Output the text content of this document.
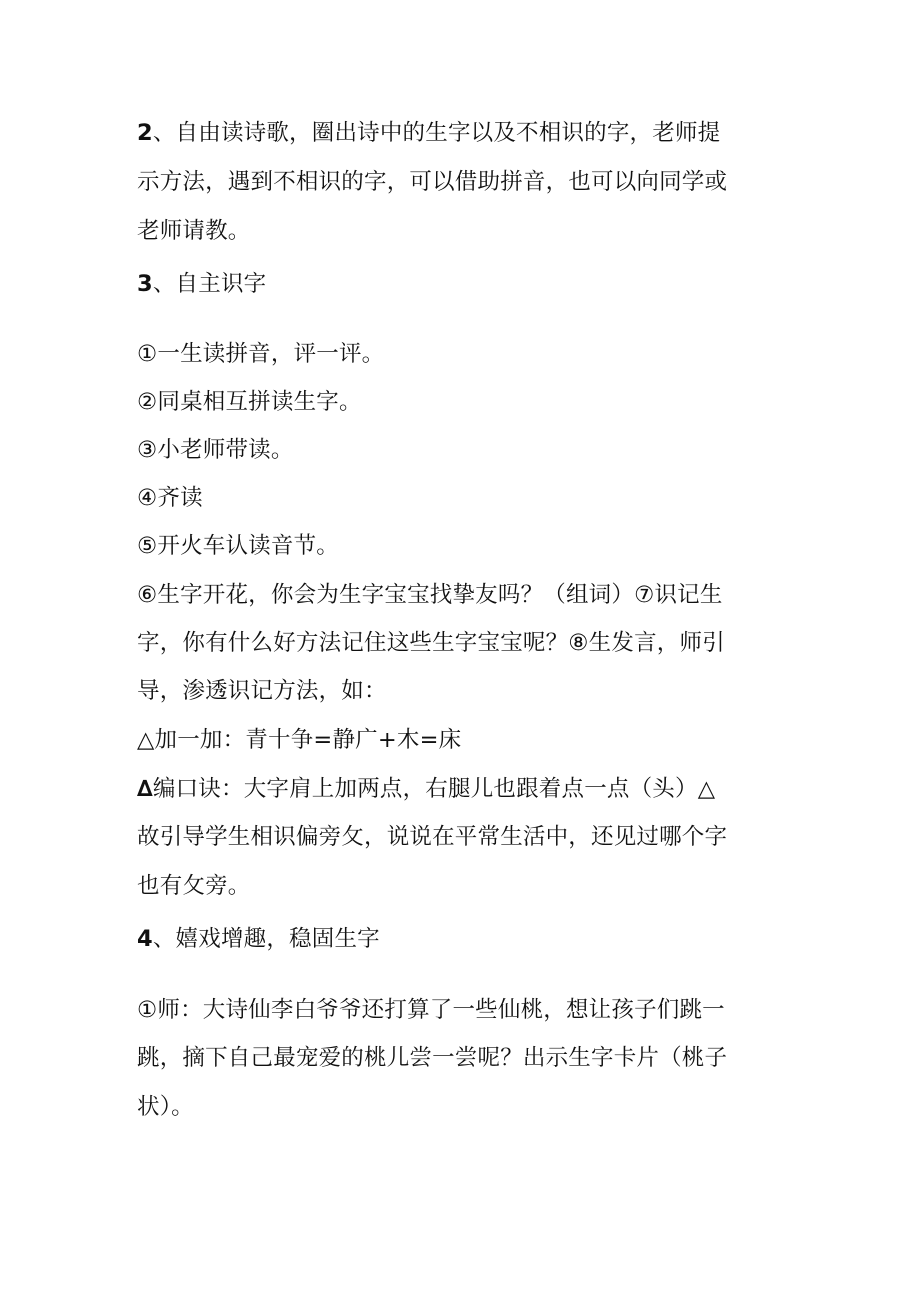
2、自由读诗歌，圈出诗中的生字以及不相识的字，老师提
示方法，遇到不相识的字，可以借助拼音，也可以向同学或
老师请教。
3、自主识字
①一生读拼音，评一评。
②同桌相互拼读生字。
③小老师带读。
④齐读
⑤开火车认读音节。
⑥生字开花，你会为生字宝宝找挚友吗？（组词）⑦识记生
字，你有什么好方法记住这些生字宝宝呢？⑧生发言，师引
导，渗透识记方法，如：
△加一加：青十争=静广+木=床
∆编口诀：大字肩上加两点，右腿儿也跟着点一点（头）△
故引导学生相识偏旁攵，说说在平常生活中，还见过哪个字
也有攵旁。
4、嬉戏增趣，稳固生字
①师：大诗仙李白爷爷还打算了一些仙桃，想让孩子们跳一
跳，摘下自己最宠爱的桃儿尝一尝呢？出示生字卡片（桃子
状）。
